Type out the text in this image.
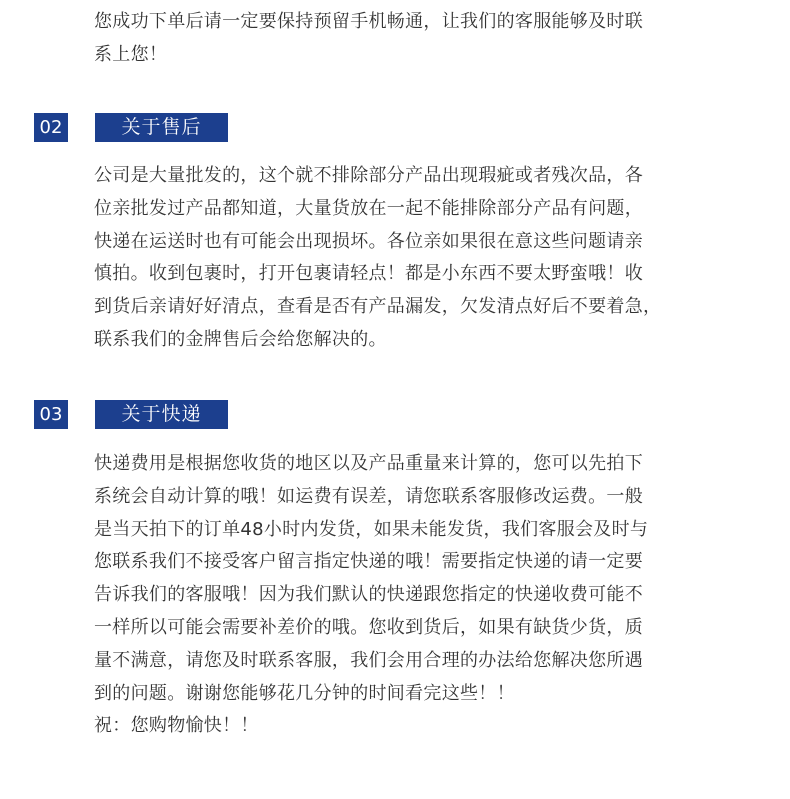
您成功下单后请一定要保持预留手机畅通，让我们的客服能够及时联
系上您！
02	关于售后
公司是大量批发的，这个就不排除部分产品出现瑕疵或者残次品，各
位亲批发过产品都知道，大量货放在一起不能排除部分产品有问题，
快递在运送时也有可能会出现损坏。各位亲如果很在意这些问题请亲
慎拍。收到包裹时，打开包裹请轻点！都是小东西不要太野蛮哦！收
到货后亲请好好清点，查看是否有产品漏发，欠发清点好后不要着急，
联系我们的金牌售后会给您解决的。
03	关于快递
快递费用是根据您收货的地区以及产品重量来计算的，您可以先拍下
系统会自动计算的哦！如运费有误差，请您联系客服修改运费。一般
是当天拍下的订单48小时内发货，如果未能发货，我们客服会及时与
您联系我们不接受客户留言指定快递的哦！需要指定快递的请一定要
告诉我们的客服哦！因为我们默认的快递跟您指定的快递收费可能不
一样所以可能会需要补差价的哦。您收到货后，如果有缺货少货，质
量不满意，请您及时联系客服，我们会用合理的办法给您解决您所遇
到的问题。谢谢您能够花几分钟的时间看完这些！！
祝：您购物愉快！！
